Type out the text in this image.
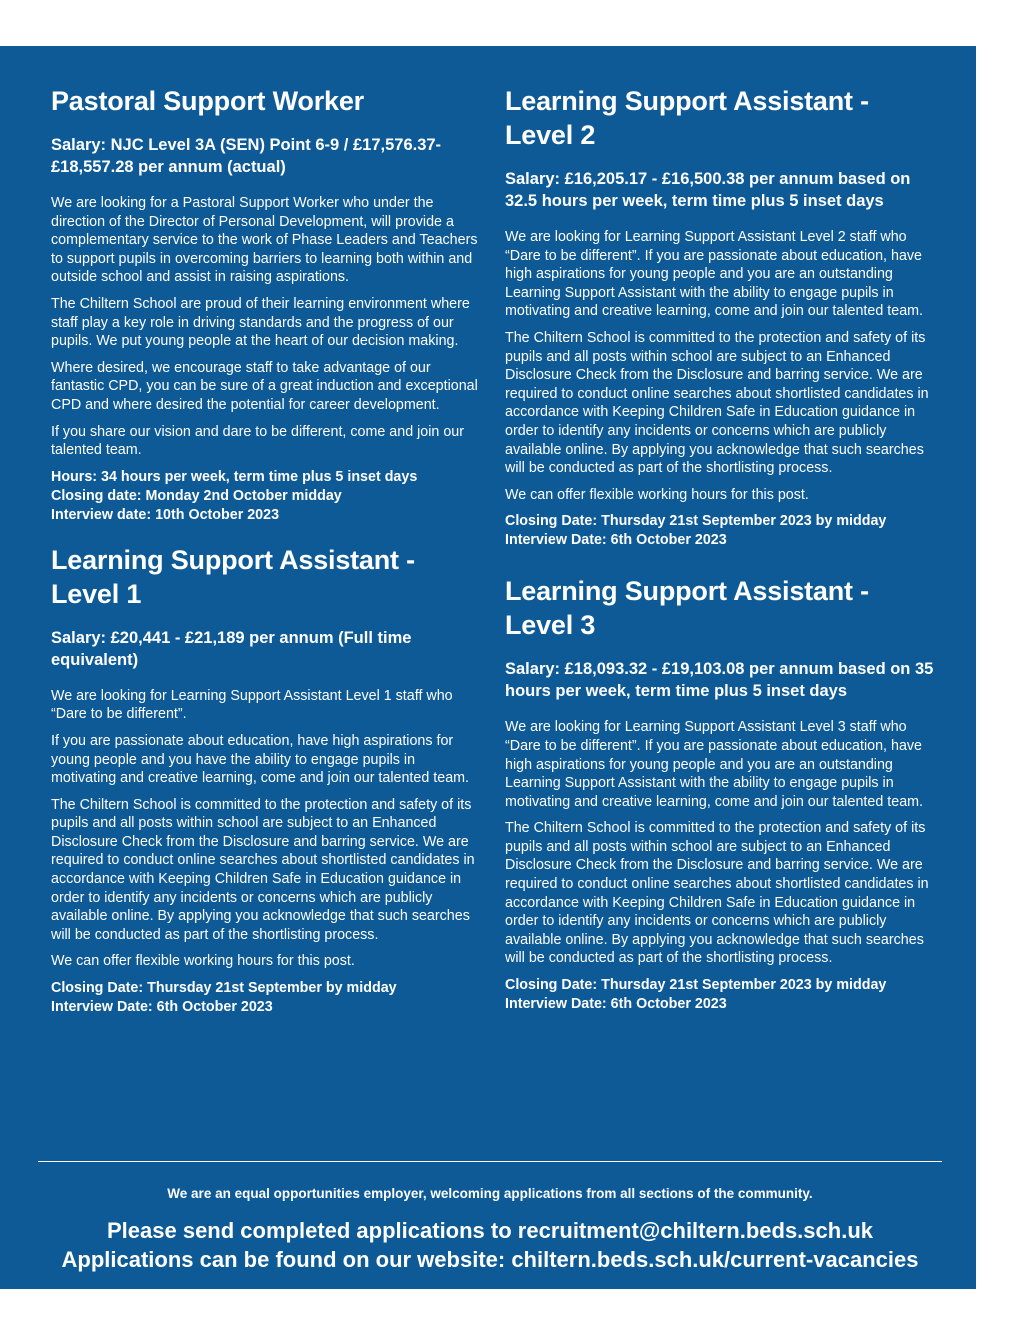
Pastoral Support Worker
Salary: NJC Level 3A (SEN) Point 6-9 / £17,576.37-£18,557.28 per annum (actual)

We are looking for a Pastoral Support Worker who under the direction of the Director of Personal Development, will provide a complementary service to the work of Phase Leaders and Teachers to support pupils in overcoming barriers to learning both within and outside school and assist in raising aspirations.

The Chiltern School are proud of their learning environment where staff play a key role in driving standards and the progress of our pupils. We put young people at the heart of our decision making.

Where desired, we encourage staff to take advantage of our fantastic CPD, you can be sure of a great induction and exceptional CPD and where desired the potential for career development.

If you share our vision and dare to be different, come and join our talented team.

Hours: 34 hours per week, term time plus 5 inset days
Closing date: Monday 2nd October midday
Interview date: 10th October 2023
Learning Support Assistant - Level 1
Salary: £20,441 - £21,189 per annum (Full time equivalent)

We are looking for Learning Support Assistant Level 1 staff who “Dare to be different”.

If you are passionate about education, have high aspirations for young people and you have the ability to engage pupils in motivating and creative learning, come and join our talented team.

The Chiltern School is committed to the protection and safety of its pupils and all posts within school are subject to an Enhanced Disclosure Check from the Disclosure and barring service. We are required to conduct online searches about shortlisted candidates in accordance with Keeping Children Safe in Education guidance in order to identify any incidents or concerns which are publicly available online. By applying you acknowledge that such searches will be conducted as part of the shortlisting process.

We can offer flexible working hours for this post.

Closing Date: Thursday 21st September by midday
Interview Date: 6th October 2023
Learning Support Assistant - Level 2
Salary: £16,205.17 - £16,500.38 per annum based on 32.5 hours per week, term time plus 5 inset days

We are looking for Learning Support Assistant Level 2 staff who “Dare to be different”. If you are passionate about education, have high aspirations for young people and you are an outstanding Learning Support Assistant with the ability to engage pupils in motivating and creative learning, come and join our talented team.

The Chiltern School is committed to the protection and safety of its pupils and all posts within school are subject to an Enhanced Disclosure Check from the Disclosure and barring service. We are required to conduct online searches about shortlisted candidates in accordance with Keeping Children Safe in Education guidance in order to identify any incidents or concerns which are publicly available online. By applying you acknowledge that such searches will be conducted as part of the shortlisting process.

We can offer flexible working hours for this post.

Closing Date: Thursday 21st September 2023 by midday
Interview Date: 6th October 2023
Learning Support Assistant - Level 3
Salary: £18,093.32 - £19,103.08 per annum based on 35 hours per week, term time plus 5 inset days

We are looking for Learning Support Assistant Level 3 staff who “Dare to be different”. If you are passionate about education, have high aspirations for young people and you are an outstanding Learning Support Assistant with the ability to engage pupils in motivating and creative learning, come and join our talented team.

The Chiltern School is committed to the protection and safety of its pupils and all posts within school are subject to an Enhanced Disclosure Check from the Disclosure and barring service. We are required to conduct online searches about shortlisted candidates in accordance with Keeping Children Safe in Education guidance in order to identify any incidents or concerns which are publicly available online. By applying you acknowledge that such searches will be conducted as part of the shortlisting process.

Closing Date: Thursday 21st September 2023 by midday
Interview Date: 6th October 2023
We are an equal opportunities employer, welcoming applications from all sections of the community.
Please send completed applications to recruitment@chiltern.beds.sch.uk
Applications can be found on our website: chiltern.beds.sch.uk/current-vacancies
